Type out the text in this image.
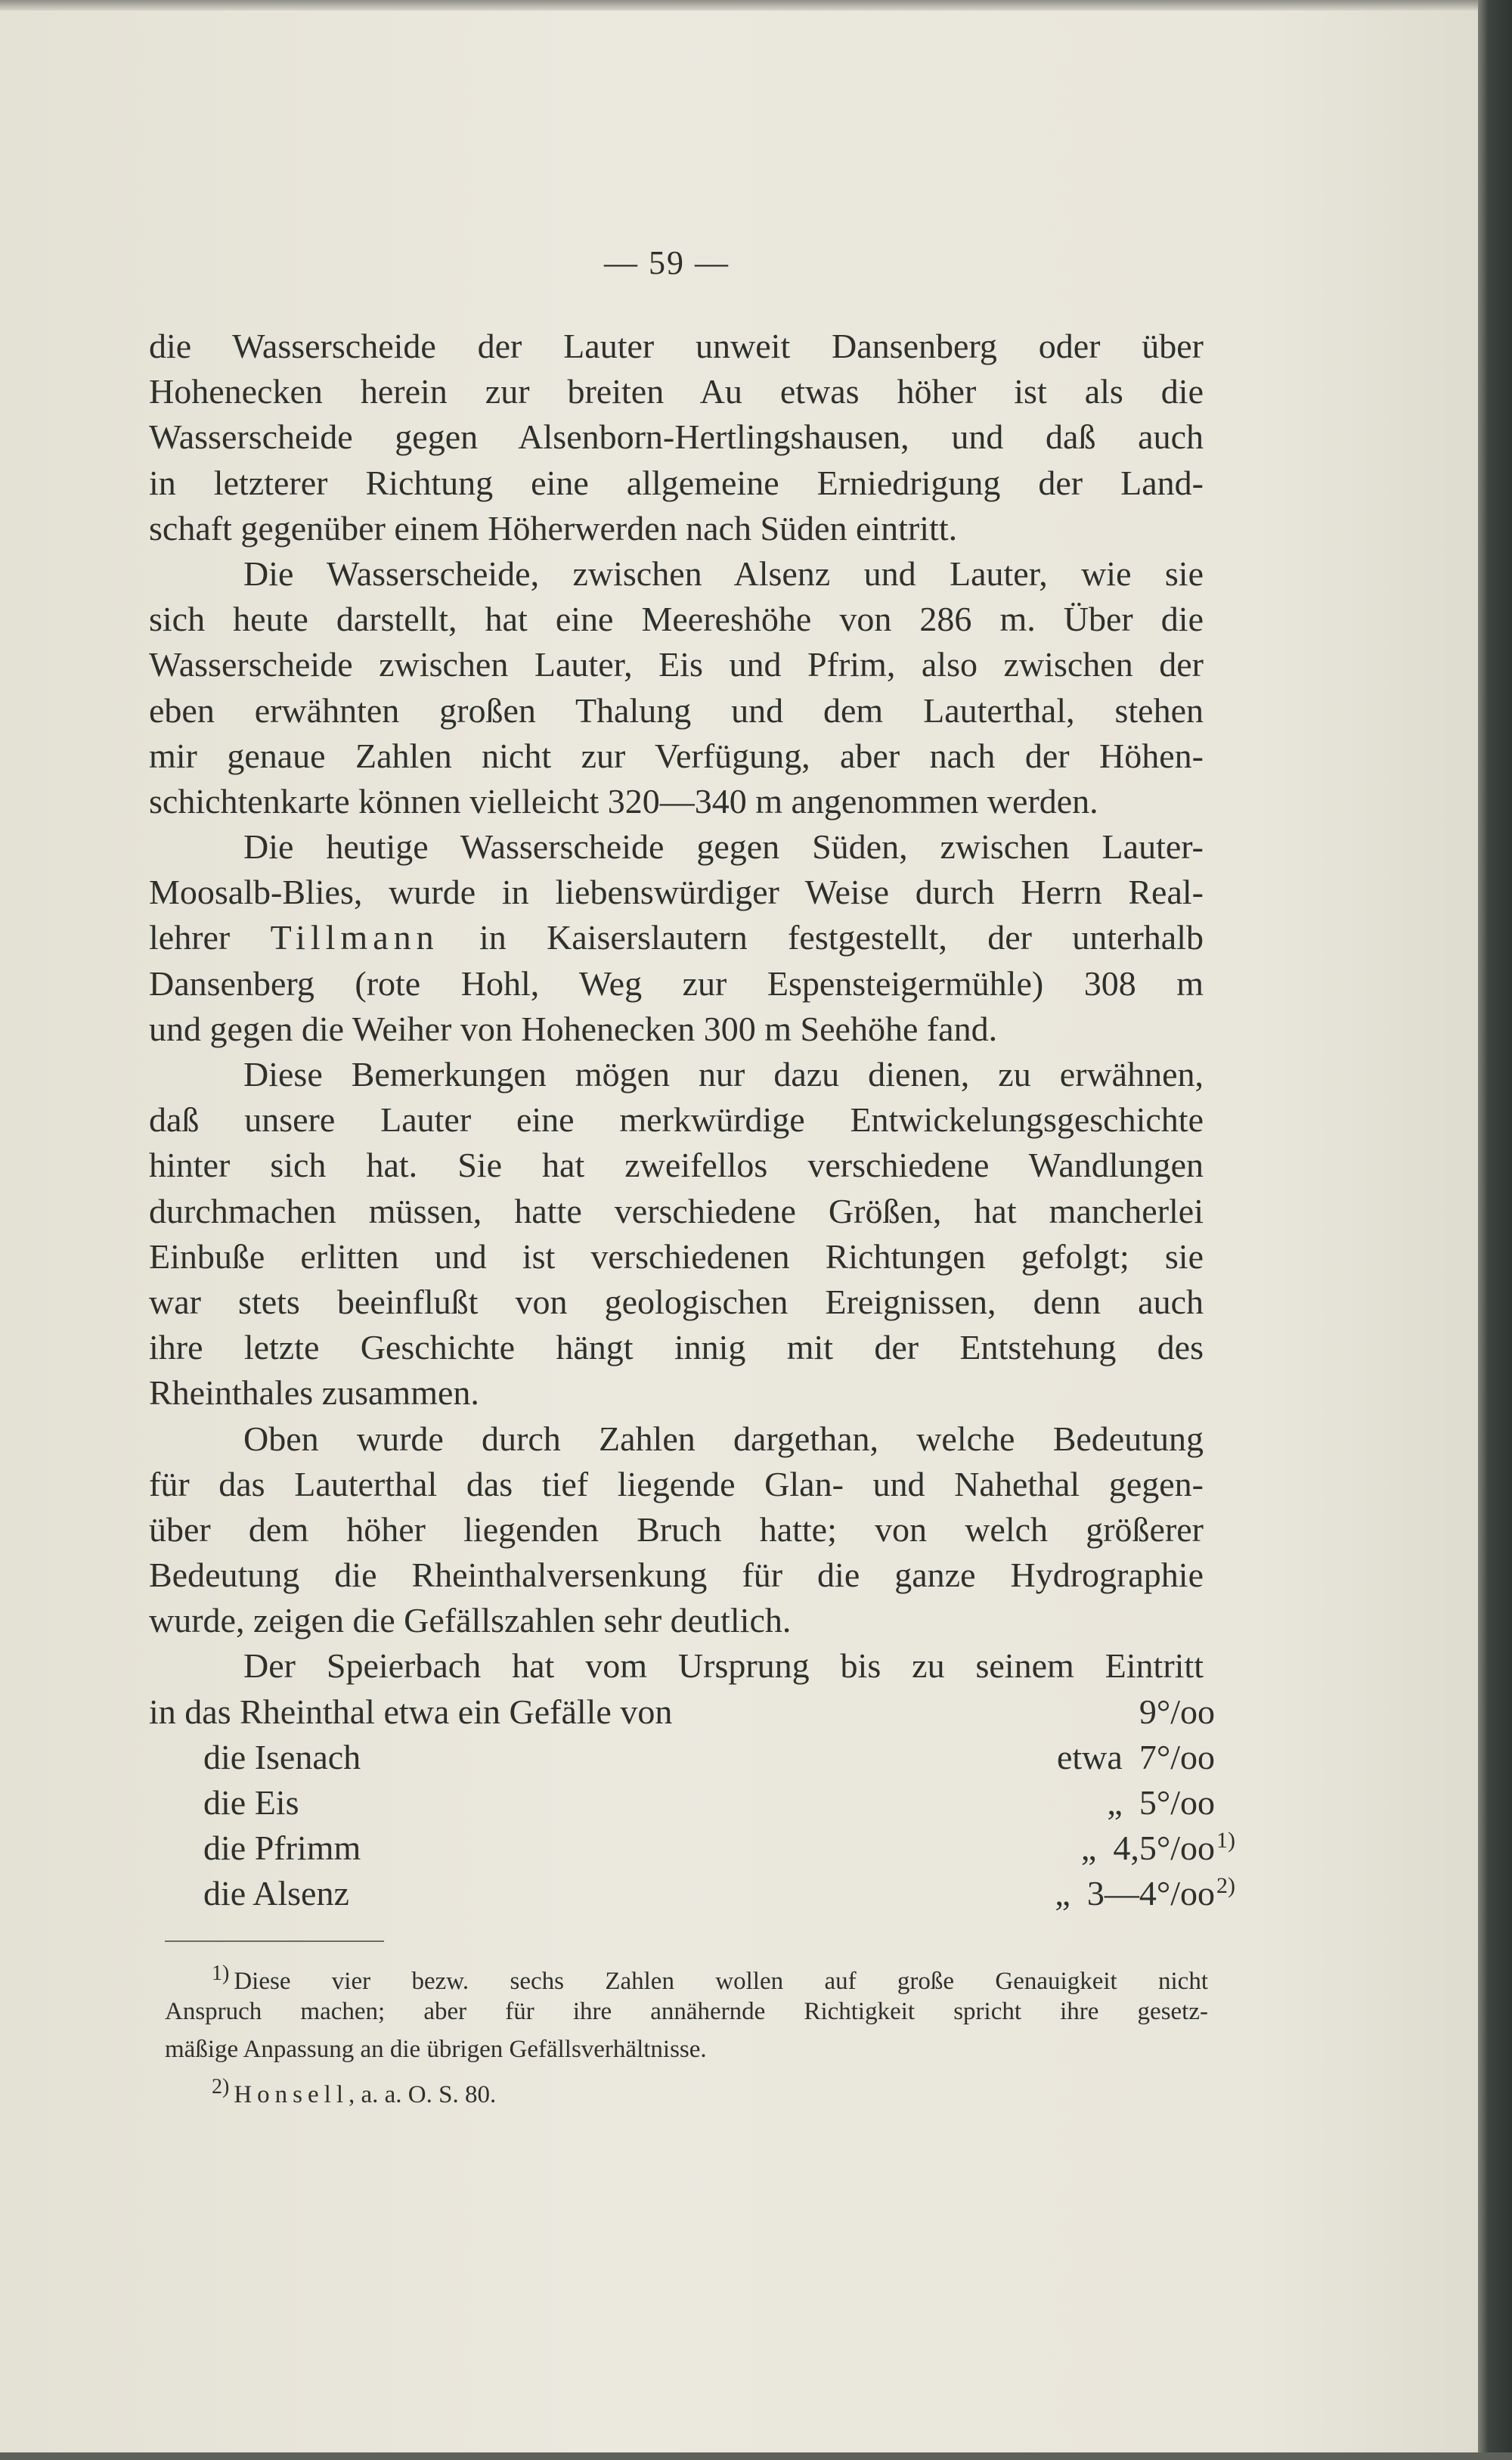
— 59 —
die Wasserscheide der Lauter unweit Dansenberg oder über
Hohenecken herein zur breiten Au etwas höher ist als die
Wasserscheide gegen Alsenborn-Hertlingshausen, und daß auch
in letzterer Richtung eine allgemeine Erniedrigung der Land-
schaft gegenüber einem Höherwerden nach Süden eintritt.
Die Wasserscheide, zwischen Alsenz und Lauter, wie sie
sich heute darstellt, hat eine Meereshöhe von 286 m. Über die
Wasserscheide zwischen Lauter, Eis und Pfrim, also zwischen der
eben erwähnten großen Thalung und dem Lauterthal, stehen
mir genaue Zahlen nicht zur Verfügung, aber nach der Höhen-
schichtenkarte können vielleicht 320—340 m angenommen werden.
Die heutige Wasserscheide gegen Süden, zwischen Lauter-
Moosalb-Blies, wurde in liebenswürdiger Weise durch Herrn Real-
lehrer Tillmann in Kaiserslautern festgestellt, der unterhalb
Dansenberg (rote Hohl, Weg zur Espensteigermühle) 308 m
und gegen die Weiher von Hohenecken 300 m Seehöhe fand.
Diese Bemerkungen mögen nur dazu dienen, zu erwähnen,
daß unsere Lauter eine merkwürdige Entwickelungsgeschichte
hinter sich hat. Sie hat zweifellos verschiedene Wandlungen
durchmachen müssen, hatte verschiedene Größen, hat mancherlei
Einbuße erlitten und ist verschiedenen Richtungen gefolgt; sie
war stets beeinflußt von geologischen Ereignissen, denn auch
ihre letzte Geschichte hängt innig mit der Entstehung des
Rheinthales zusammen.
Oben wurde durch Zahlen dargethan, welche Bedeutung
für das Lauterthal das tief liegende Glan- und Nahethal gegen-
über dem höher liegenden Bruch hatte; von welch größerer
Bedeutung die Rheinthalversenkung für die ganze Hydrographie
wurde, zeigen die Gefällszahlen sehr deutlich.
Der Speierbach hat vom Ursprung bis zu seinem Eintritt
in das Rheinthal etwa ein Gefälle von	9°/oo
die Isenach	etwa 7°/oo
die Eis	„ 5°/oo
die Pfrimm	„ 4,5°/oo 1)
die Alsenz	„ 3—4°/oo 2)
$^{1)}$ Diese vier bezw. sechs Zahlen wollen auf große Genauigkeit nicht
Anspruch machen; aber für ihre annähernde Richtigkeit spricht ihre gesetz-
mäßige Anpassung an die übrigen Gefällsverhältnisse.
$^{2)}$ Honsell, a. a. O. S. 80.
